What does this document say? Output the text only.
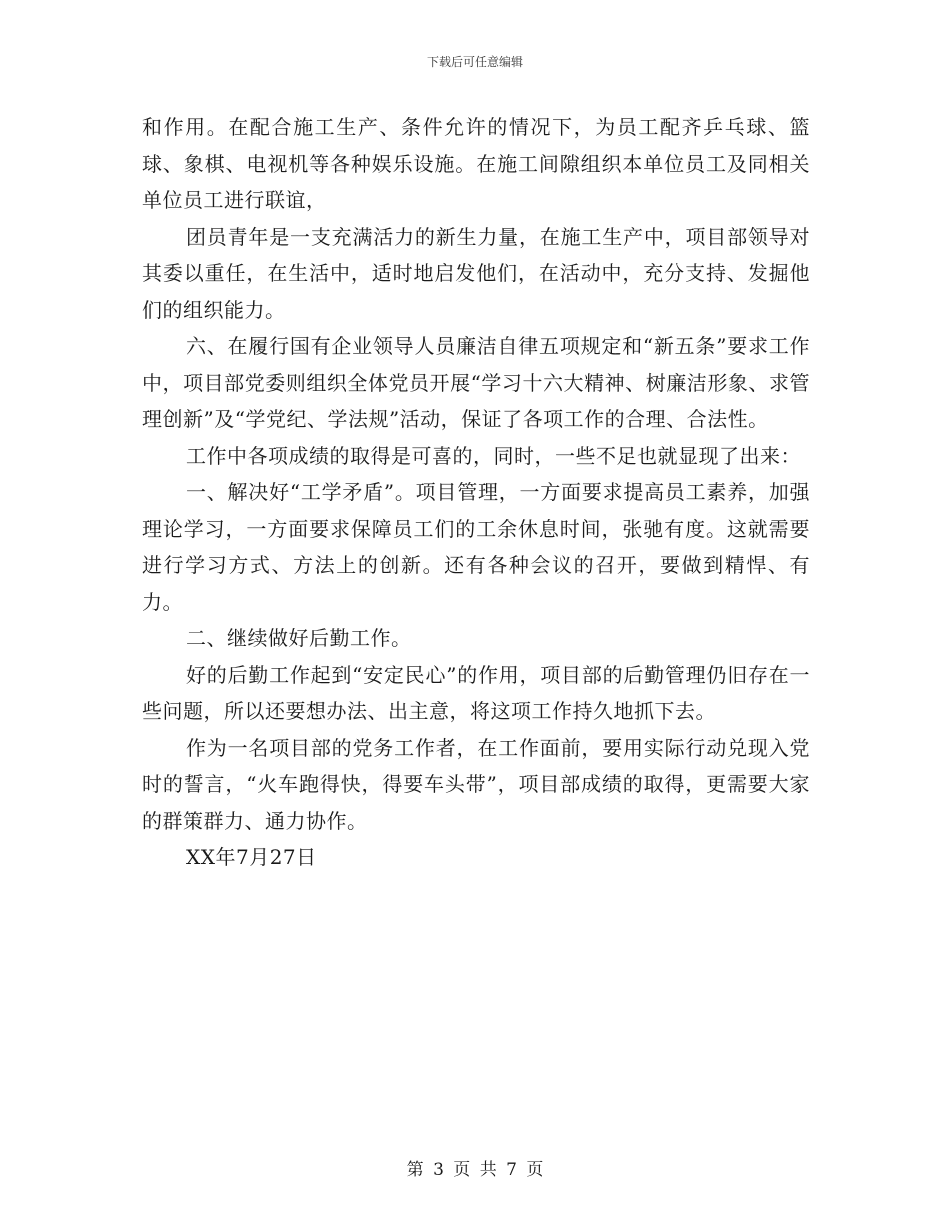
下载后可任意编辑

和作用。在配合施工生产、条件允许的情况下，为员工配齐乒乓球、篮球、象棋、电视机等各种娱乐设施。在施工间隙组织本单位员工及同相关单位员工进行联谊，

团员青年是一支充满活力的新生力量，在施工生产中，项目部领导对其委以重任，在生活中，适时地启发他们，在活动中，充分支持、发掘他们的组织能力。

六、在履行国有企业领导人员廉洁自律五项规定和“新五条”要求工作中，项目部党委则组织全体党员开展“学习十六大精神、树廉洁形象、求管理创新”及“学党纪、学法规”活动，保证了各项工作的合理、合法性。

工作中各项成绩的取得是可喜的，同时，一些不足也就显现了出来：

一、解决好“工学矛盾”。项目管理，一方面要求提高员工素养，加强理论学习，一方面要求保障员工们的工余休息时间，张驰有度。这就需要进行学习方式、方法上的创新。还有各种会议的召开，要做到精悍、有力。

二、继续做好后勤工作。

好的后勤工作起到“安定民心”的作用，项目部的后勤管理仍旧存在一些问题，所以还要想办法、出主意，将这项工作持久地抓下去。

作为一名项目部的党务工作者，在工作面前，要用实际行动兑现入党时的誓言，“火车跑得快，得要车头带”，项目部成绩的取得，更需要大家的群策群力、通力协作。

XX年7月27日

第 3 页 共 7 页
